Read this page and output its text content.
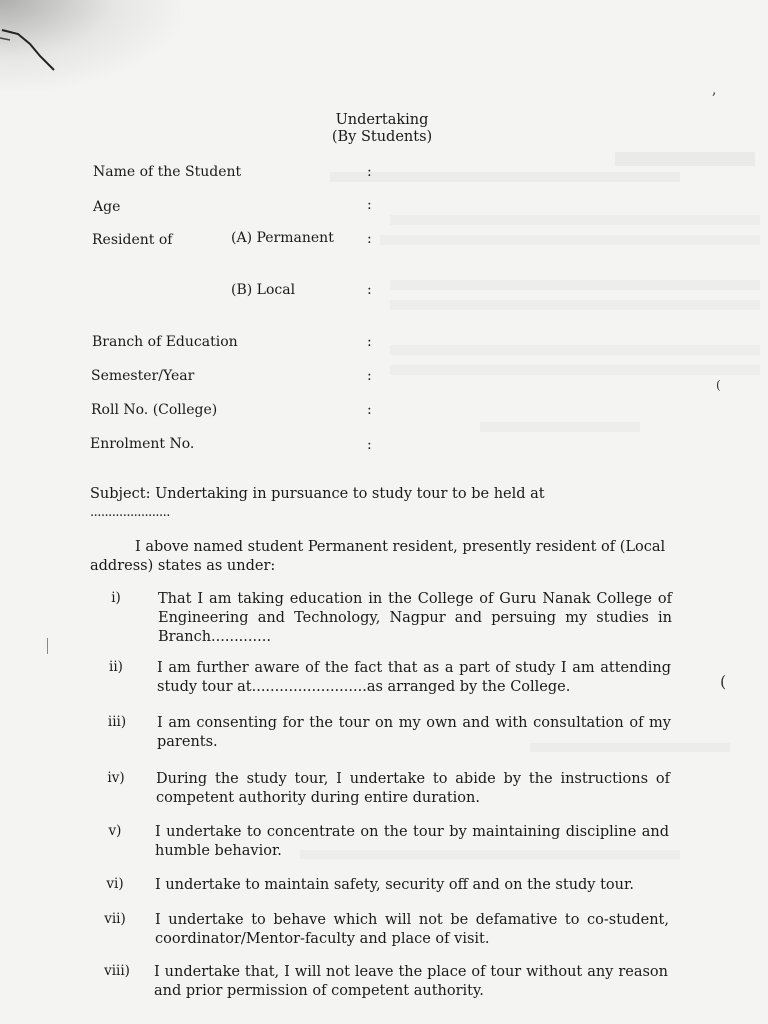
,
(
(
Undertaking
(By Students)
Name of the Student	:
Age	:
Resident of	(A) Permanent :
(B) Local	:
Branch of Education	:
Semester/Year	:
Roll No. (College)	:
Enrolment No.	:
Subject: Undertaking in pursuance to study tour to be held at
......................
I above named student Permanent resident, presently resident of (Local address) states as under:
i)	That I am taking education in the College of Guru Nanak College of Engineering and Technology, Nagpur and persuing my studies in Branch.............
ii)	I am further aware of the fact that as a part of study I am attending study tour at.........................as arranged by the College.
iii)	I am consenting for the tour on my own and with consultation of my parents.
iv)	During the study tour, I undertake to abide by the instructions of competent authority during entire duration.
v)	I undertake to concentrate on the tour by maintaining discipline and humble behavior.
vi)	I undertake to maintain safety, security off and on the study tour.
vii)	I undertake to behave which will not be defamative to co-student, coordinator/Mentor-faculty and place of visit.
viii)	I undertake that, I will not leave the place of tour without any reason and prior permission of competent authority.
